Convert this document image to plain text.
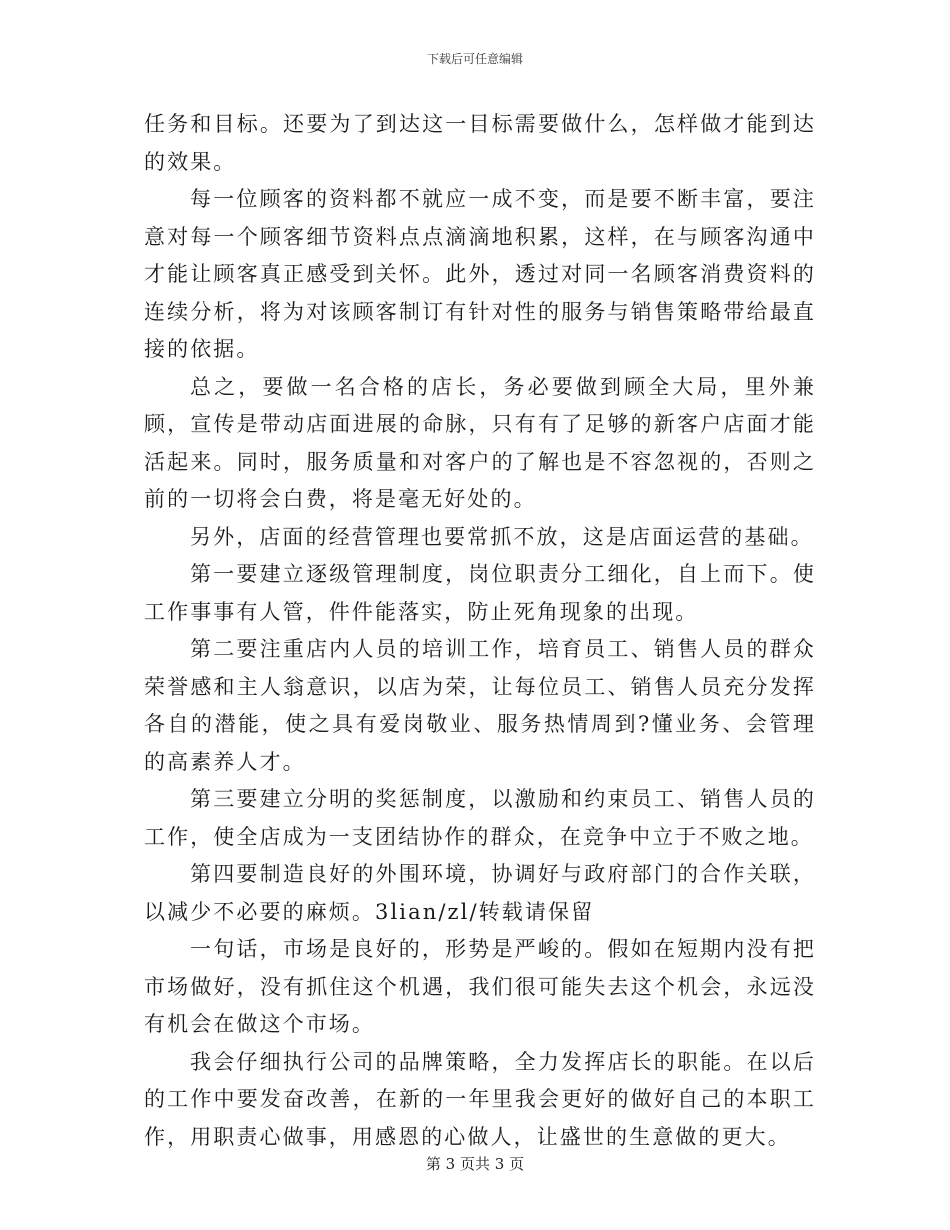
下载后可任意编辑

任务和目标。还要为了到达这一目标需要做什么，怎样做才能到达的效果。

每一位顾客的资料都不就应一成不变，而是要不断丰富，要注意对每一个顾客细节资料点点滴滴地积累，这样，在与顾客沟通中才能让顾客真正感受到关怀。此外，透过对同一名顾客消费资料的连续分析，将为对该顾客制订有针对性的服务与销售策略带给最直接的依据。

总之，要做一名合格的店长，务必要做到顾全大局，里外兼顾，宣传是带动店面进展的命脉，只有有了足够的新客户店面才能活起来。同时，服务质量和对客户的了解也是不容忽视的，否则之前的一切将会白费，将是毫无好处的。

另外，店面的经营管理也要常抓不放，这是店面运营的基础。

第一要建立逐级管理制度，岗位职责分工细化，自上而下。使工作事事有人管，件件能落实，防止死角现象的出现。

第二要注重店内人员的培训工作，培育员工、销售人员的群众荣誉感和主人翁意识，以店为荣，让每位员工、销售人员充分发挥各自的潜能，使之具有爱岗敬业、服务热情周到?懂业务、会管理的高素养人才。

第三要建立分明的奖惩制度，以激励和约束员工、销售人员的工作，使全店成为一支团结协作的群众，在竞争中立于不败之地。

第四要制造良好的外围环境，协调好与政府部门的合作关联，以减少不必要的麻烦。3lian/zl/转载请保留

一句话，市场是良好的，形势是严峻的。假如在短期内没有把市场做好，没有抓住这个机遇，我们很可能失去这个机会，永远没有机会在做这个市场。

我会仔细执行公司的品牌策略，全力发挥店长的职能。在以后的工作中要发奋改善，在新的一年里我会更好的做好自己的本职工作，用职责心做事，用感恩的心做人，让盛世的生意做的更大。

第 3 页共 3 页
